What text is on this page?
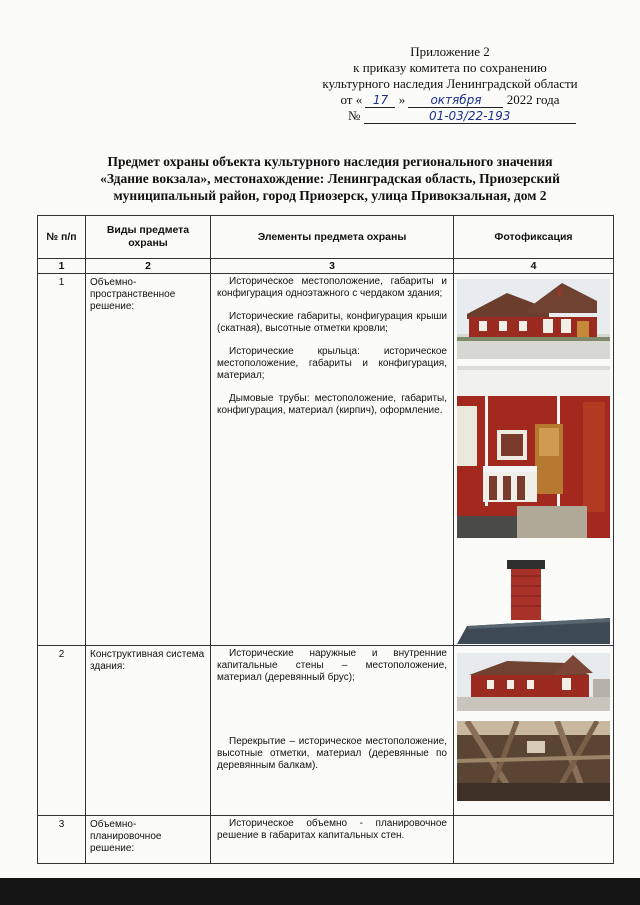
Приложение 2
к приказу комитета по сохранению
культурного наследия Ленинградской области
от « 17 » октября 2022 года
№	01-03/22-193
Предмет охраны объекта культурного наследия регионального значения
«Здание вокзала», местонахождение: Ленинградская область, Приозерский
муниципальный район, город Приозерск, улица Привокзальная, дом 2
№ п/п	Виды предмета охраны	Элементы предмета охраны	Фотофиксация
1	2	3	4
1	Объемно-пространственное решение:	Историческое местоположение, габариты и конфигурация одноэтажного с чердаком здания;

Исторические габариты, конфигурация крыши (скатная), высотные отметки кровли;

Исторические крыльца: историческое местоположение, габариты и конфигурация, материал;

Дымовые трубы: местоположение, габариты, конфигурация, материал (кирпич), оформление.

2	Конструктивная система здания:	Исторические наружные и внутренние капитальные стены – местоположение, материал (деревянный брус);

Перекрытие – историческое местоположение, высотные отметки, материал (деревянные по деревянным балкам).

3	Объемно-планировочное решение:	Историческое объемно - планировочное решение в габаритах капитальных стен.	
